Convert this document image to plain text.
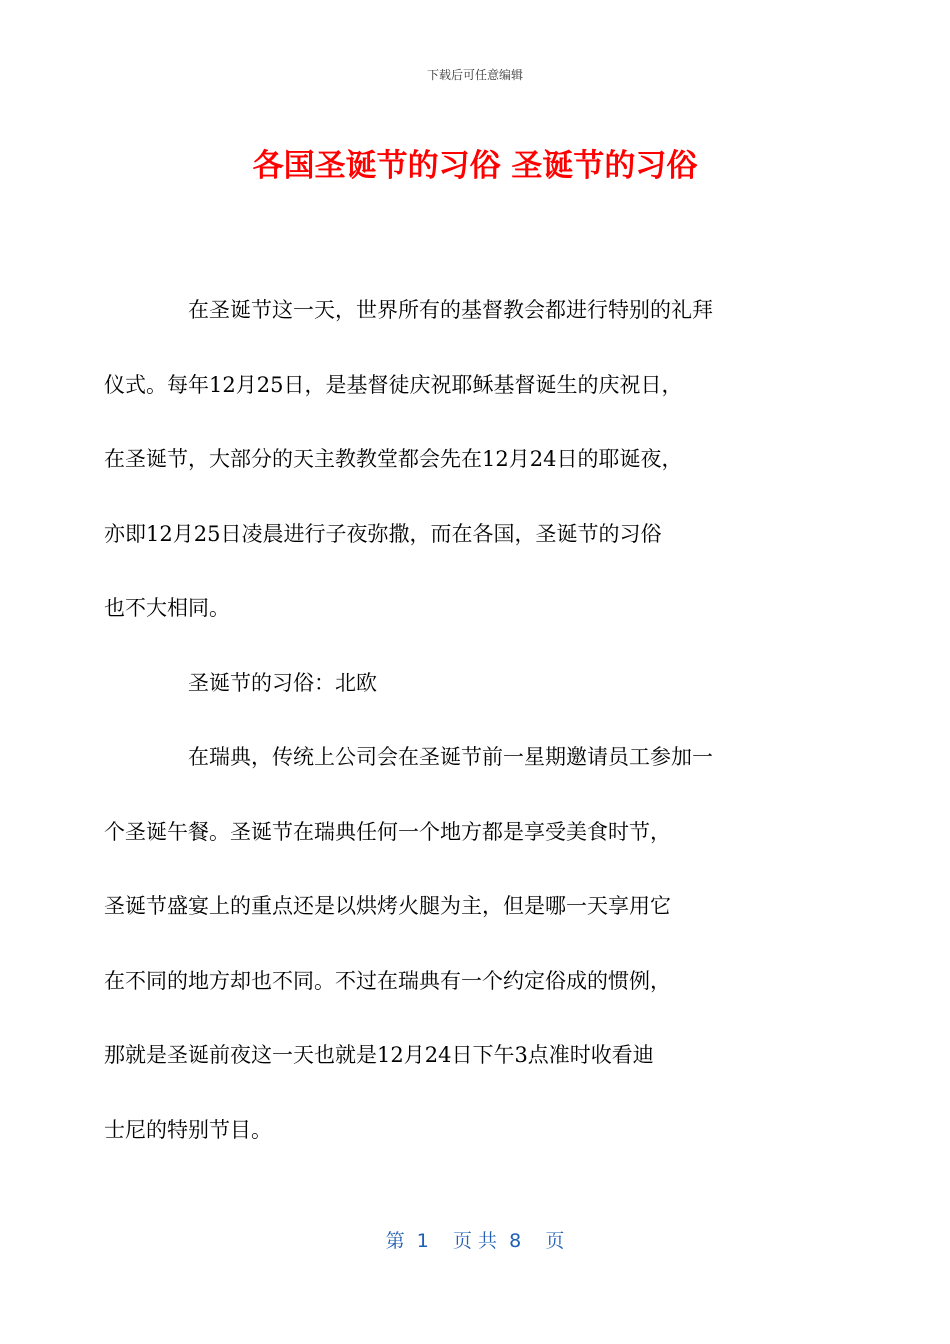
下载后可任意编辑
各国圣诞节的习俗 圣诞节的习俗

在圣诞节这一天，世界所有的基督教会都进行特别的礼拜
仪式。每年12月25日，是基督徒庆祝耶稣基督诞生的庆祝日，
在圣诞节，大部分的天主教教堂都会先在12月24日的耶诞夜，
亦即12月25日凌晨进行子夜弥撒，而在各国，圣诞节的习俗
也不大相同。

圣诞节的习俗：北欧

在瑞典，传统上公司会在圣诞节前一星期邀请员工参加一
个圣诞午餐。圣诞节在瑞典任何一个地方都是享受美食时节，
圣诞节盛宴上的重点还是以烘烤火腿为主，但是哪一天享用它
在不同的地方却也不同。不过在瑞典有一个约定俗成的惯例，
那就是圣诞前夜这一天也就是12月24日下午3点准时收看迪
士尼的特别节目。

第  1    页 共  8    页
